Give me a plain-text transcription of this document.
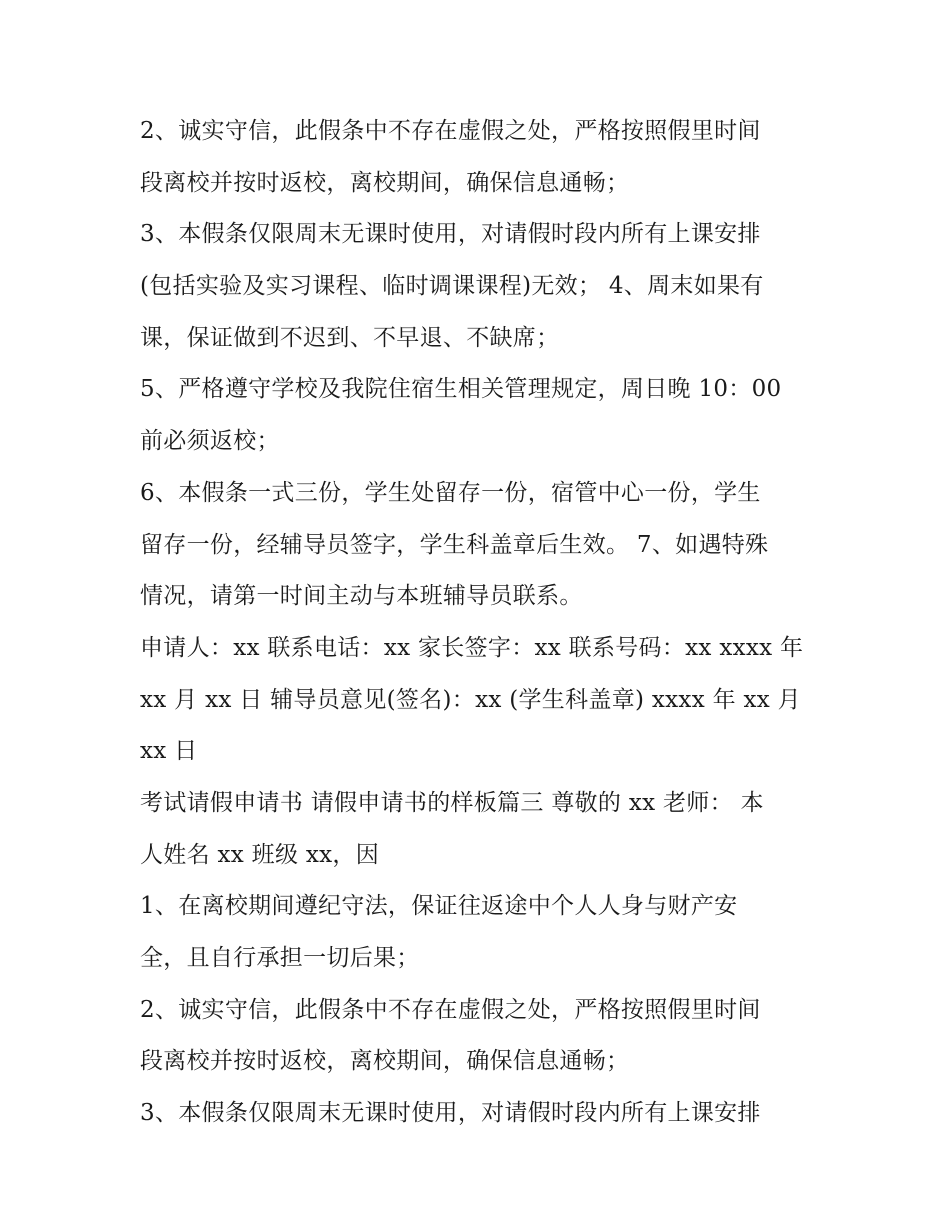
2、诚实守信，此假条中不存在虚假之处，严格按照假里时间
段离校并按时返校，离校期间，确保信息通畅；
3、本假条仅限周末无课时使用，对请假时段内所有上课安排
(包括实验及实习课程、临时调课课程)无效； 4、周末如果有
课，保证做到不迟到、不早退、不缺席；
5、严格遵守学校及我院住宿生相关管理规定，周日晚 10：00
前必须返校；
6、本假条一式三份，学生处留存一份，宿管中心一份，学生
留存一份，经辅导员签字，学生科盖章后生效。 7、如遇特殊
情况，请第一时间主动与本班辅导员联系。
申请人：xx 联系电话：xx 家长签字：xx 联系号码：xx xxxx 年
xx 月 xx 日 辅导员意见(签名)：xx (学生科盖章) xxxx 年 xx 月
xx 日
考试请假申请书 请假申请书的样板篇三 尊敬的 xx 老师： 本
人姓名 xx 班级 xx，因
1、在离校期间遵纪守法，保证往返途中个人人身与财产安
全，且自行承担一切后果；
2、诚实守信，此假条中不存在虚假之处，严格按照假里时间
段离校并按时返校，离校期间，确保信息通畅；
3、本假条仅限周末无课时使用，对请假时段内所有上课安排
